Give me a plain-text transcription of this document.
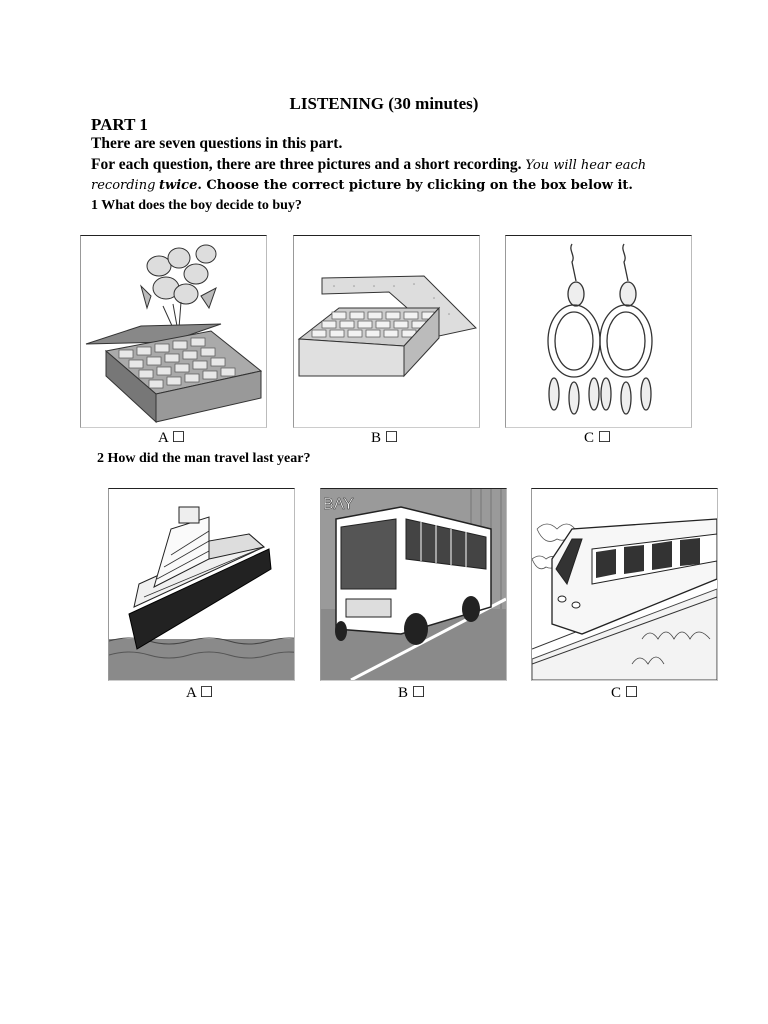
LISTENING (30 minutes)
PART 1
There are seven questions in this part.
For each question, there are three pictures and a short recording. You will hear each
recording twice. Choose the correct picture by clicking on the box below it.
1 What does the boy decide to buy?
A ☐	B ☐	C ☐
2 How did the man travel last year?
BAY
A ☐	B ☐	C ☐
